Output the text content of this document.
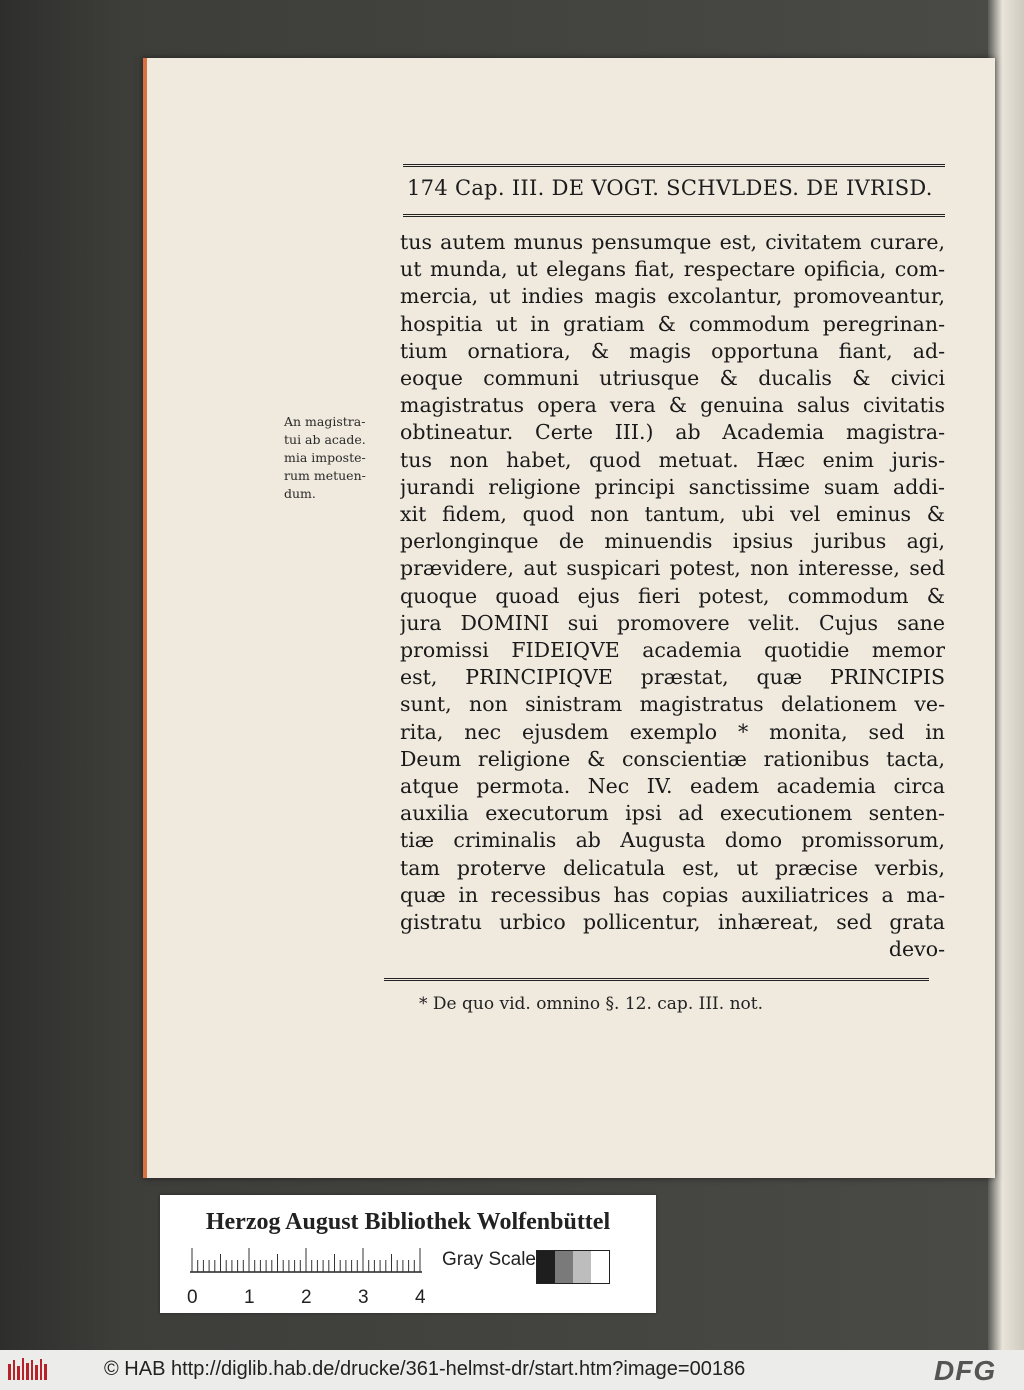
174 Cap. III. DE VOGT. SCHVLDES. DE IVRISD.
An magistra-
tui ab acade.
mia imposte-
rum metuen-
dum.
tus autem munus pensumque est, civitatem curare,
ut munda, ut elegans fiat, respectare opificia, com-
mercia, ut indies magis excolantur, promoveantur,
hospitia ut in gratiam & commodum peregrinan-
tium ornatiora, & magis opportuna fiant, ad-
eoque communi utriusque & ducalis & civici
magistratus opera vera & genuina salus civitatis
obtineatur. Certe III.) ab Academia magistra-
tus non habet, quod metuat. Hæc enim juris-
jurandi religione principi sanctissime suam addi-
xit fidem, quod non tantum, ubi vel eminus &
perlonginque de minuendis ipsius juribus agi,
prævidere, aut suspicari potest, non interesse, sed
quoque quoad ejus fieri potest, commodum &
jura DOMINI sui promovere velit. Cujus sane
promissi FIDEIQVE academia quotidie memor
est, PRINCIPIQVE præstat, quæ PRINCIPIS
sunt, non sinistram magistratus delationem ve-
rita, nec ejusdem exemplo * monita, sed in
Deum religione & conscientiæ rationibus tacta,
atque permota. Nec IV. eadem academia circa
auxilia executorum ipsi ad executionem senten-
tiæ criminalis ab Augusta domo promissorum,
tam proterve delicatula est, ut præcise verbis,
quæ in recessibus has copias auxiliatrices a ma-
gistratu urbico pollicentur, inhæreat, sed grata
devo-
* De quo vid. omnino §. 12. cap. III. not.
Herzog August Bibliothek Wolfenbüttel
0 1 2 3 4
Gray Scale
© HAB http://diglib.hab.de/drucke/361-helmst-dr/start.htm?image=00186	DFG
